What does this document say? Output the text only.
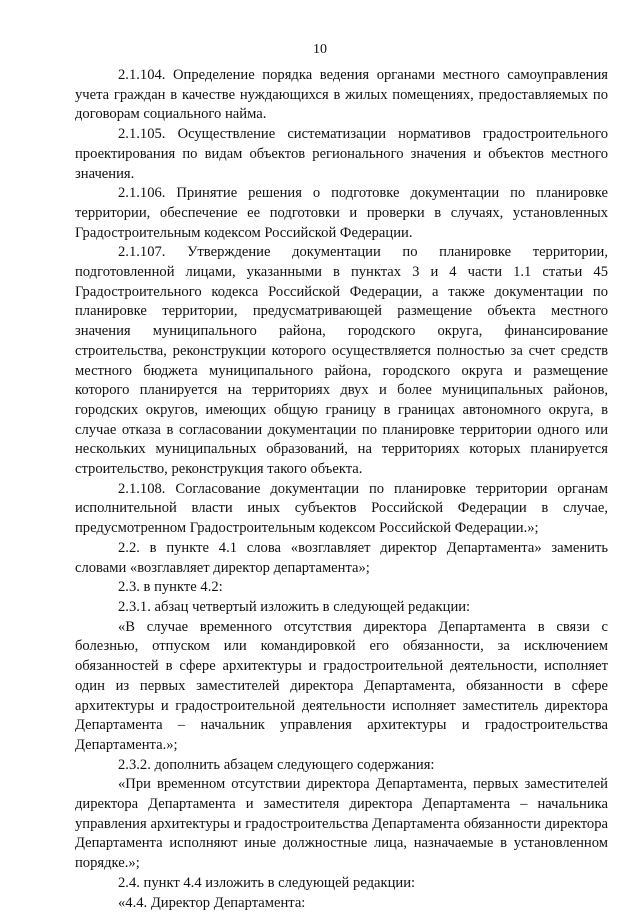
10

2.1.104. Определение порядка ведения органами местного самоуправления учета граждан в качестве нуждающихся в жилых помещениях, предоставляемых по договорам социального найма.

2.1.105. Осуществление систематизации нормативов градостроительного проектирования по видам объектов регионального значения и объектов местного значения.

2.1.106. Принятие решения о подготовке документации по планировке территории, обеспечение ее подготовки и проверки в случаях, установленных Градостроительным кодексом Российской Федерации.

2.1.107. Утверждение документации по планировке территории, подготовленной лицами, указанными в пунктах 3 и 4 части 1.1 статьи 45 Градостроительного кодекса Российской Федерации, а также документации по планировке территории, предусматривающей размещение объекта местного значения муниципального района, городского округа, финансирование строительства, реконструкции которого осуществляется полностью за счет средств местного бюджета муниципального района, городского округа и размещение которого планируется на территориях двух и более муниципальных районов, городских округов, имеющих общую границу в границах автономного округа, в случае отказа в согласовании документации по планировке территории одного или нескольких муниципальных образований, на территориях которых планируется строительство, реконструкция такого объекта.

2.1.108. Согласование документации по планировке территории органам исполнительной власти иных субъектов Российской Федерации в случае, предусмотренном Градостроительным кодексом Российской Федерации.»;

2.2. в пункте 4.1 слова «возглавляет директор Департамента» заменить словами «возглавляет директор департамента»;

2.3. в пункте 4.2:

2.3.1. абзац четвертый изложить в следующей редакции:

«В случае временного отсутствия директора Департамента в связи с болезнью, отпуском или командировкой его обязанности, за исключением обязанностей в сфере архитектуры и градостроительной деятельности, исполняет один из первых заместителей директора Департамента, обязанности в сфере архитектуры и градостроительной деятельности исполняет заместитель директора Департамента – начальник управления архитектуры и градостроительства Департамента.»;

2.3.2. дополнить абзацем следующего содержания:

«При временном отсутствии директора Департамента, первых заместителей директора Департамента и заместителя директора Департамента – начальника управления архитектуры и градостроительства Департамента обязанности директора Департамента исполняют иные должностные лица, назначаемые в установленном порядке.»;

2.4. пункт 4.4 изложить в следующей редакции:

«4.4. Директор Департамента:
